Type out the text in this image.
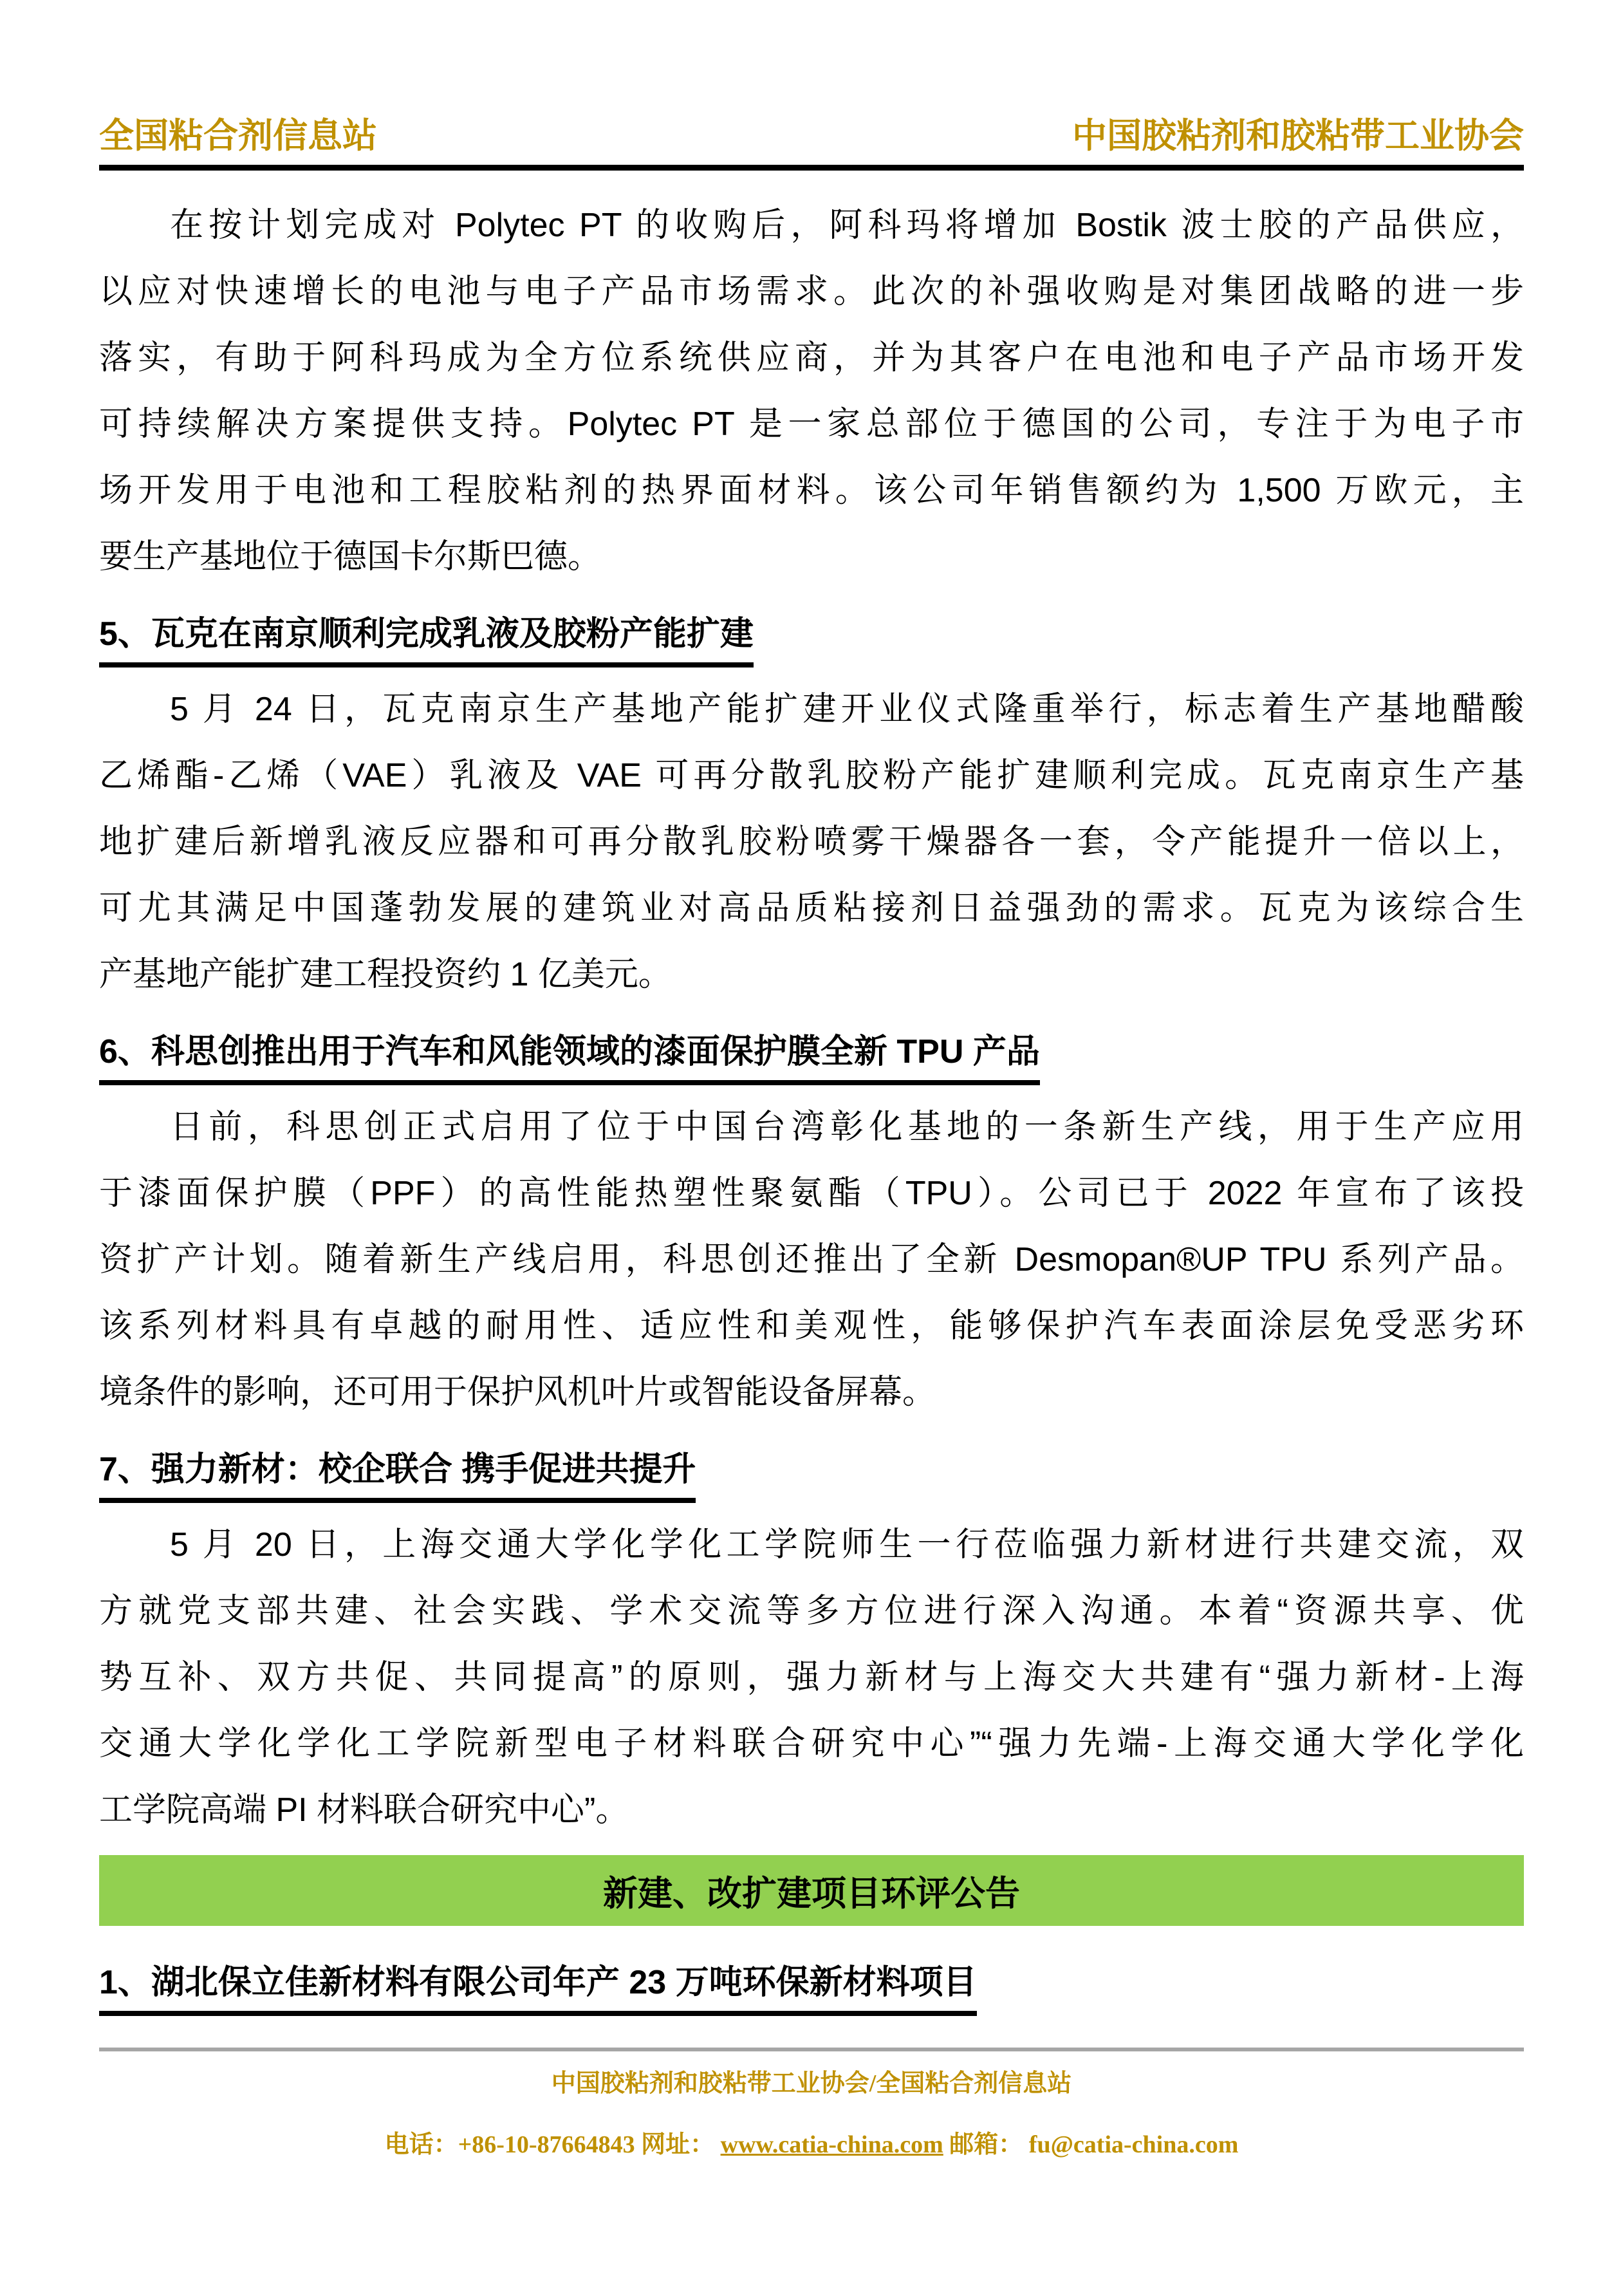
全国粘合剂信息站	中国胶粘剂和胶粘带工业协会
在按计划完成对 Polytec PT 的收购后，阿科玛将增加 Bostik 波士胶的产品供应，
以应对快速增长的电池与电子产品市场需求。此次的补强收购是对集团战略的进一步
落实，有助于阿科玛成为全方位系统供应商，并为其客户在电池和电子产品市场开发
可持续解决方案提供支持。Polytec PT 是一家总部位于德国的公司，专注于为电子市
场开发用于电池和工程胶粘剂的热界面材料。该公司年销售额约为 1,500 万欧元，主
要生产基地位于德国卡尔斯巴德。
5、瓦克在南京顺利完成乳液及胶粉产能扩建
5 月 24 日，瓦克南京生产基地产能扩建开业仪式隆重举行，标志着生产基地醋酸
乙烯酯-乙烯（VAE）乳液及 VAE 可再分散乳胶粉产能扩建顺利完成。瓦克南京生产基
地扩建后新增乳液反应器和可再分散乳胶粉喷雾干燥器各一套，令产能提升一倍以上，
可尤其满足中国蓬勃发展的建筑业对高品质粘接剂日益强劲的需求。瓦克为该综合生
产基地产能扩建工程投资约 1 亿美元。
6、科思创推出用于汽车和风能领域的漆面保护膜全新 TPU 产品
日前，科思创正式启用了位于中国台湾彰化基地的一条新生产线，用于生产应用
于漆面保护膜（PPF）的高性能热塑性聚氨酯（TPU）。公司已于 2022 年宣布了该投
资扩产计划。随着新生产线启用，科思创还推出了全新 Desmopan®UP TPU 系列产品。
该系列材料具有卓越的耐用性、适应性和美观性，能够保护汽车表面涂层免受恶劣环
境条件的影响，还可用于保护风机叶片或智能设备屏幕。
7、强力新材：校企联合 携手促进共提升
5 月 20 日，上海交通大学化学化工学院师生一行莅临强力新材进行共建交流，双
方就党支部共建、社会实践、学术交流等多方位进行深入沟通。本着“资源共享、优
势互补、双方共促、共同提高”的原则，强力新材与上海交大共建有“强力新材-上海
交通大学化学化工学院新型电子材料联合研究中心”“强力先端-上海交通大学化学化
工学院高端 PI 材料联合研究中心”。
新建、改扩建项目环评公告
1、湖北保立佳新材料有限公司年产 23 万吨环保新材料项目
中国胶粘剂和胶粘带工业协会/全国粘合剂信息站
电话：+86-10-87664843 网址： www.catia-china.com 邮箱： fu@catia-china.com
